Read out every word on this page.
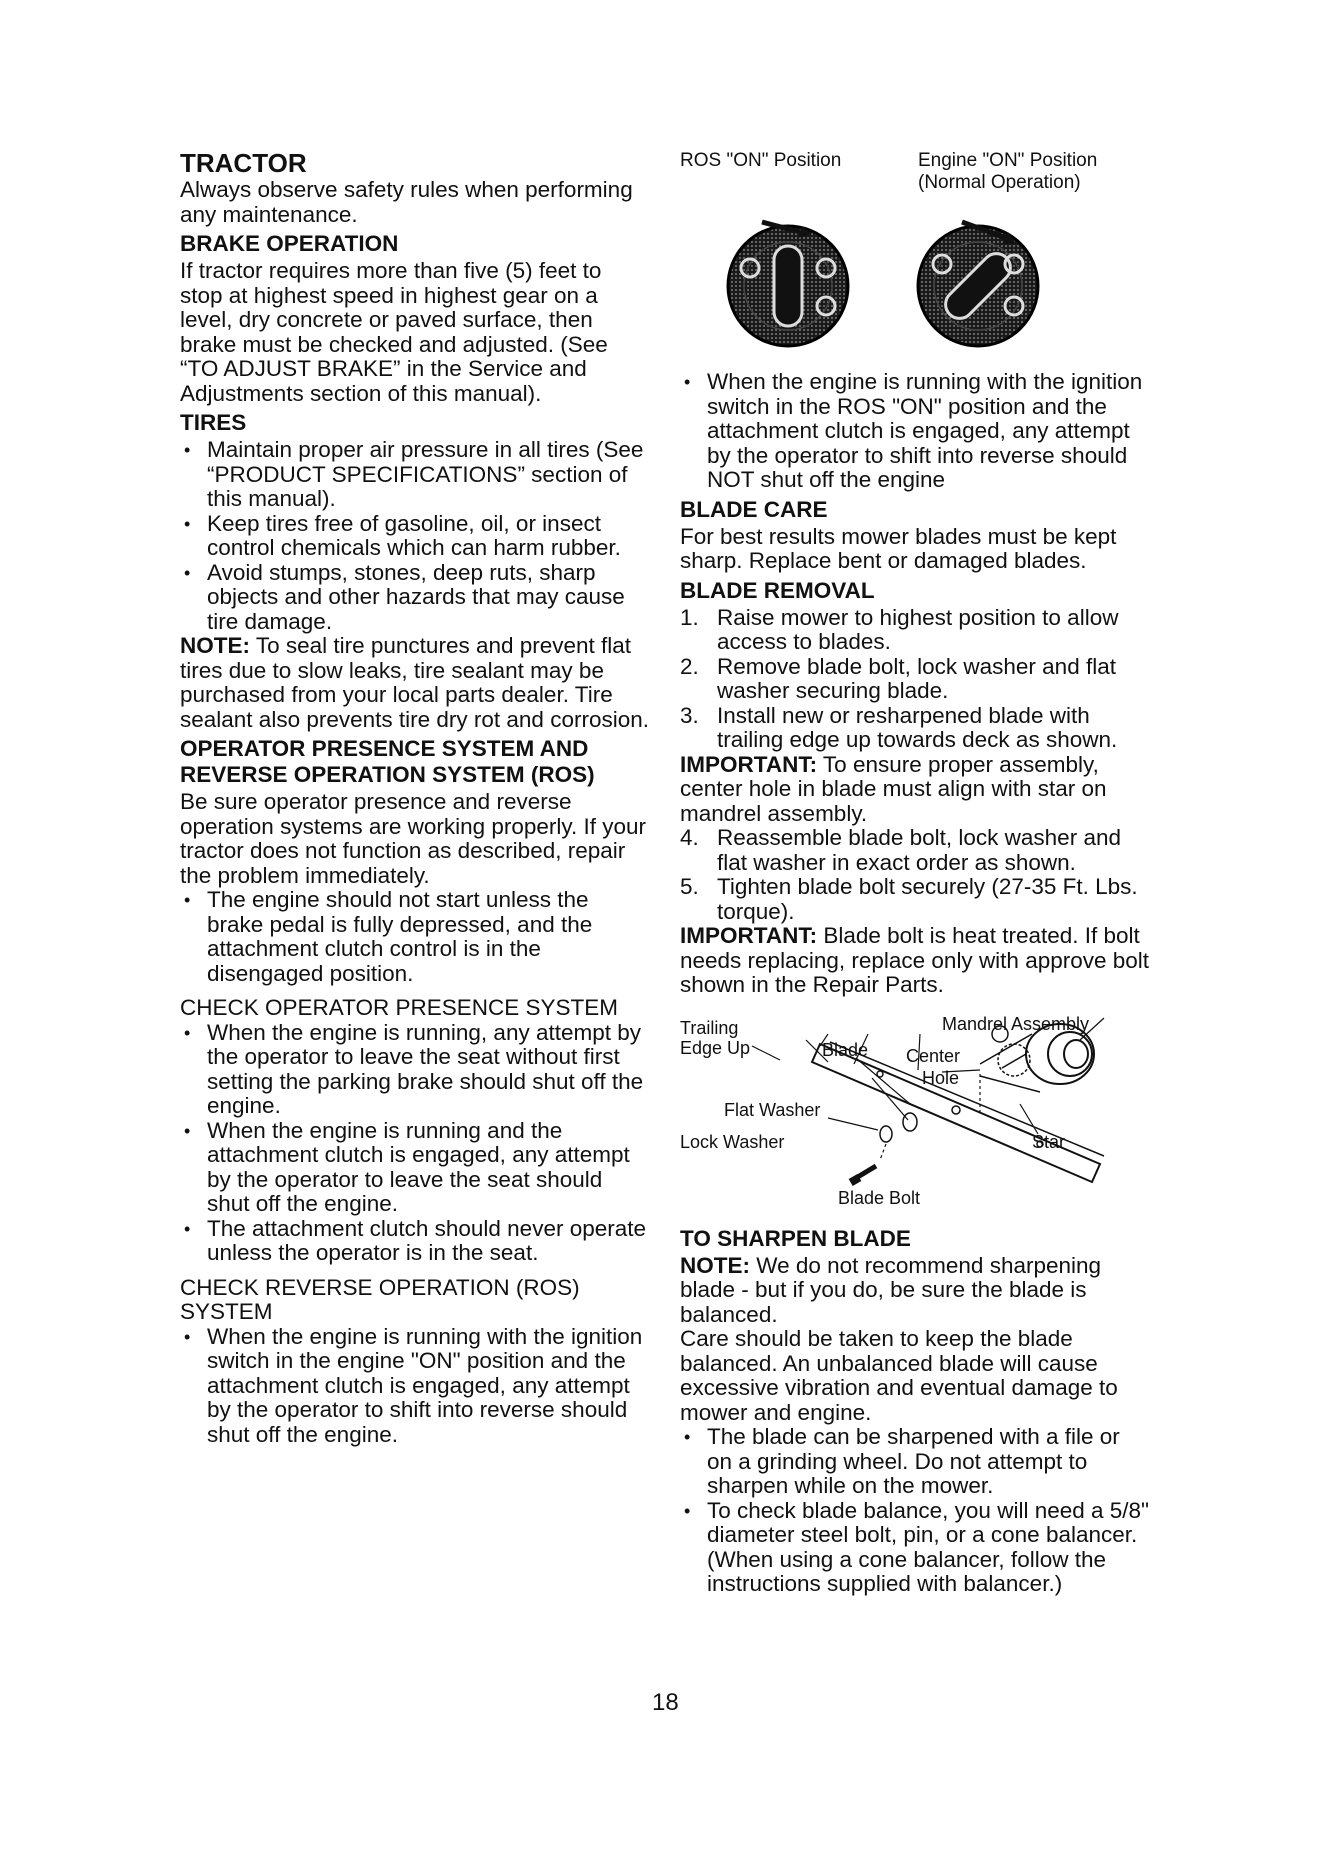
TRACTOR

Always observe safety rules when performing any maintenance.

BRAKE OPERATION

If tractor requires more than five (5) feet to stop at highest speed in highest gear on a level, dry concrete or paved surface, then brake must be checked and adjusted. (See “TO ADJUST BRAKE” in the Service and Adjustments section of this manual).

TIRES
• Maintain proper air pressure in all tires (See “PRODUCT SPECIFICATIONS” section of this manual).
• Keep tires free of gasoline, oil, or insect control chemicals which can harm rubber.
• Avoid stumps, stones, deep ruts, sharp objects and other hazards that may cause tire damage.

NOTE: To seal tire punctures and prevent flat tires due to slow leaks, tire sealant may be purchased from your local parts dealer. Tire sealant also prevents tire dry rot and corrosion.

OPERATOR PRESENCE SYSTEM AND REVERSE OPERATION SYSTEM (ROS)

Be sure operator presence and reverse operation systems are working properly. If your tractor does not function as described, repair the problem immediately.

• The engine should not start unless the brake pedal is fully depressed, and the attachment clutch control is in the disengaged position.

CHECK OPERATOR PRESENCE SYSTEM

• When the engine is running, any attempt by the operator to leave the seat without first setting the parking brake should shut off the engine.
• When the engine is running and the attachment clutch is engaged, any attempt by the operator to leave the seat should shut off the engine.
• The attachment clutch should never operate unless the operator is in the seat.

CHECK REVERSE OPERATION (ROS) SYSTEM

• When the engine is running with the ignition switch in the engine "ON" position and the attachment clutch is engaged, any attempt by the operator to shift into reverse should shut off the engine.
ROS "ON" Position	Engine "ON" Position
(Normal Operation)
• When the engine is running with the ignition switch in the ROS "ON" position and the attachment clutch is engaged, any attempt by the operator to shift into reverse should NOT shut off the engine
BLADE CARE

For best results mower blades must be kept sharp. Replace bent or damaged blades.

BLADE REMOVAL
1. Raise mower to highest position to allow access to blades.
2. Remove blade bolt, lock washer and flat washer securing blade.
3. Install new or resharpened blade with trailing edge up towards deck as shown.

IMPORTANT: To ensure proper assembly, center hole in blade must align with star on mandrel assembly.

4. Reassemble blade bolt, lock washer and flat washer in exact order as shown.
5. Tighten blade bolt securely (27-35 Ft. Lbs. torque).

IMPORTANT: Blade bolt is heat treated. If bolt needs replacing, replace only with approve bolt shown in the Repair Parts.

Trailing
Edge Up	Blade
Mandrel Assembly
Center
Hole
Flat Washer
Lock Washer	Star
Blade Bolt
TO SHARPEN BLADE

NOTE: We do not recommend sharpening blade - but if you do, be sure the blade is balanced.

Care should be taken to keep the blade balanced. An unbalanced blade will cause excessive vibration and eventual damage to mower and engine.

• The blade can be sharpened with a file or on a grinding wheel. Do not attempt to sharpen while on the mower.
• To check blade balance, you will need a 5/8" diameter steel bolt, pin, or a cone balancer. (When using a cone balancer, follow the instructions supplied with balancer.)
18
